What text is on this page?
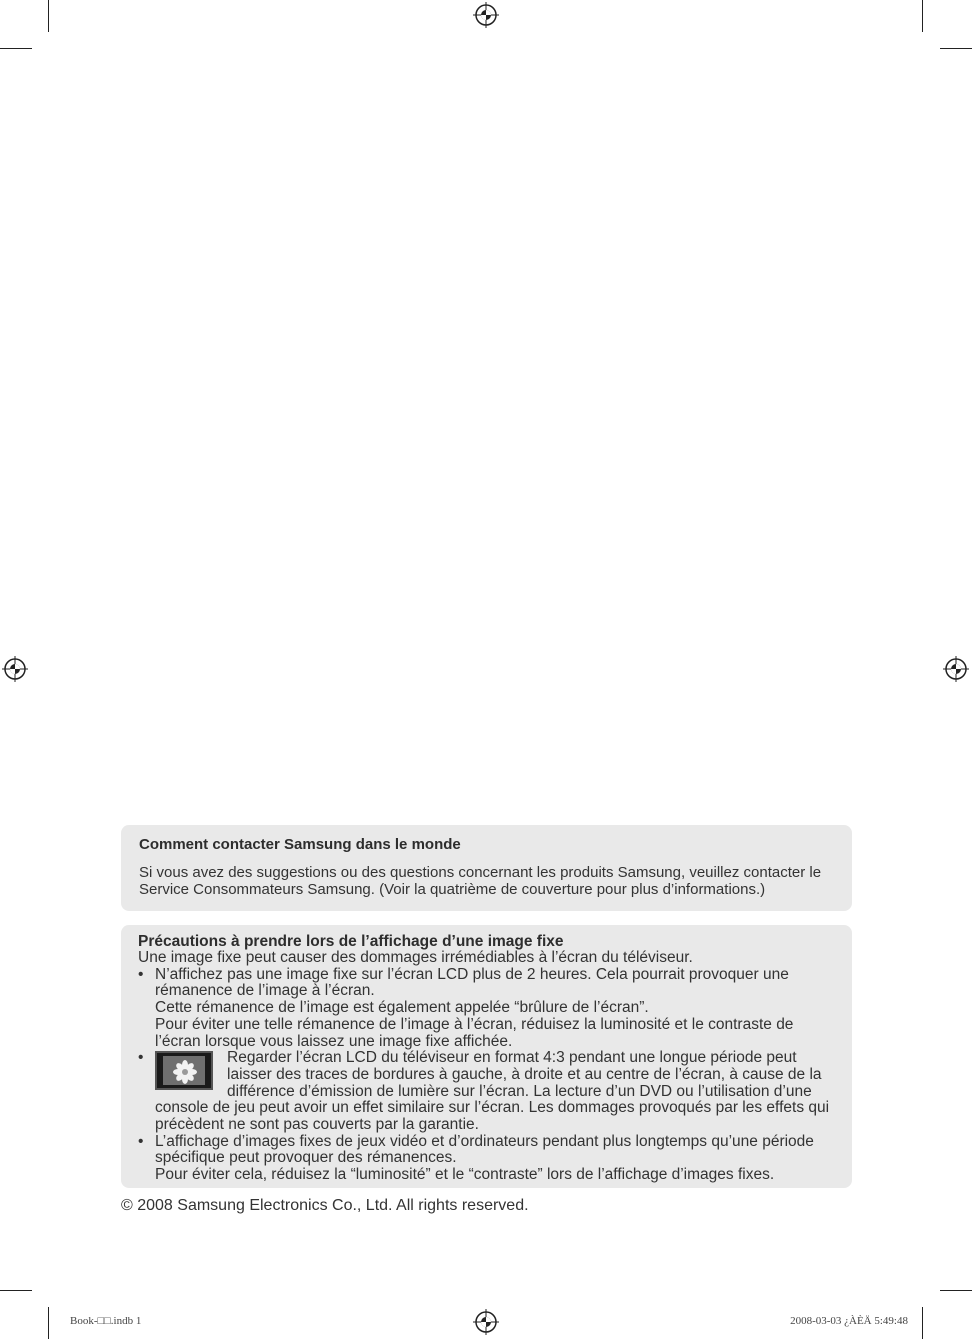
Comment contacter Samsung dans le monde
Si vous avez des suggestions ou des questions concernant les produits Samsung, veuillez contacter le
Service Consommateurs Samsung. (Voir la quatrième de couverture pour plus d’informations.)
Précautions à prendre lors de l’affichage d’une image fixe
Une image fixe peut causer des dommages irrémédiables à l’écran du téléviseur.
• N’affichez pas une image fixe sur l’écran LCD plus de 2 heures. Cela pourrait provoquer une
rémanence de l’image à l’écran.
Cette rémanence de l’image est également appelée “brûlure de l’écran”.
Pour éviter une telle rémanence de l’image à l’écran, réduisez la luminosité et le contraste de
l’écran lorsque vous laissez une image fixe affichée.
•	Regarder l’écran LCD du téléviseur en format 4:3 pendant une longue période peut
laisser des traces de bordures à gauche, à droite et au centre de l’écran, à cause de la
différence d’émission de lumière sur l’écran. La lecture d’un DVD ou l’utilisation d’une
console de jeu peut avoir un effet similaire sur l’écran. Les dommages provoqués par les effets qui
précèdent ne sont pas couverts par la garantie.
• L’affichage d’images fixes de jeux vidéo et d’ordinateurs pendant plus longtemps qu’une période
spécifique peut provoquer des rémanences.
Pour éviter cela, réduisez la “luminosité” et le “contraste” lors de l’affichage d’images fixes.
© 2008 Samsung Electronics Co., Ltd. All rights reserved.
Book-□□.indb 1	2008-03-03 ¿ÀÈÄ 5:49:48
